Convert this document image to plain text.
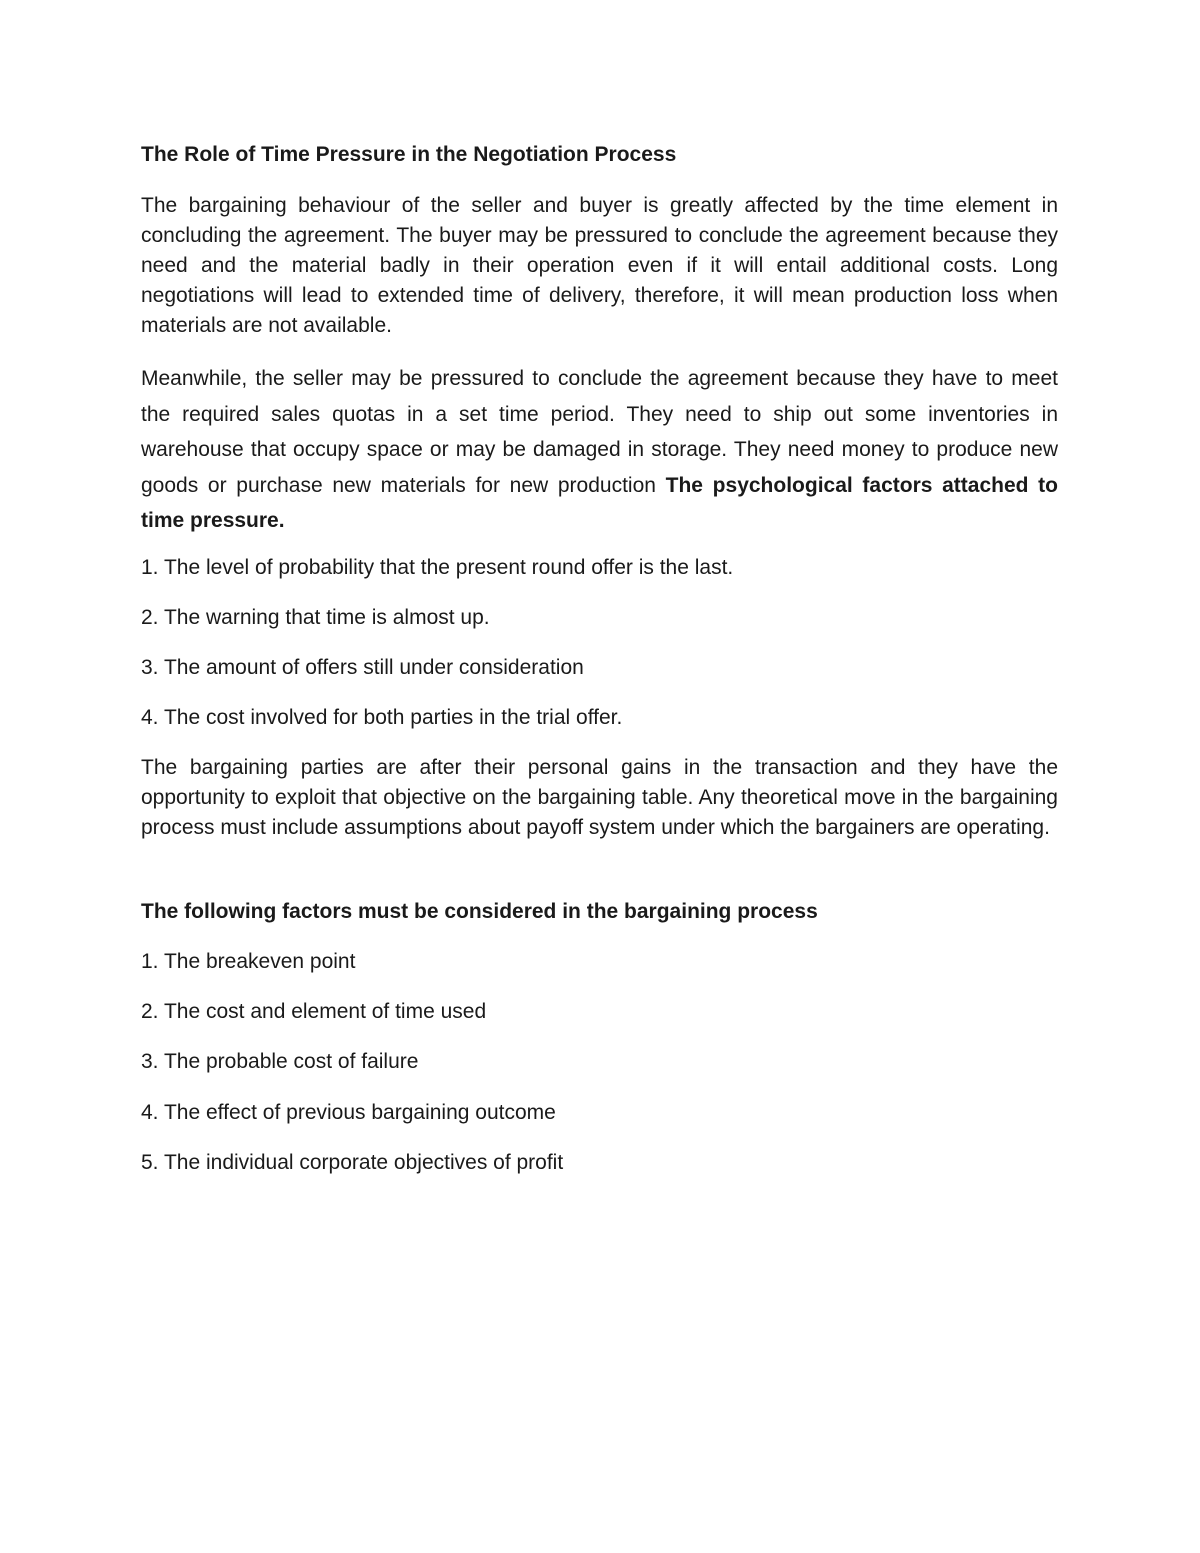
The Role of Time Pressure in the Negotiation Process

The bargaining behaviour of the seller and buyer is greatly affected by the time element in concluding the agreement. The buyer may be pressured to conclude the agreement because they need and the material badly in their operation even if it will entail additional costs. Long negotiations will lead to extended time of delivery, therefore, it will mean production loss when materials are not available.

Meanwhile, the seller may be pressured to conclude the agreement because they have to meet the required sales quotas in a set time period. They need to ship out some inventories in warehouse that occupy space or may be damaged in storage. They need money to produce new goods or purchase new materials for new production The psychological factors attached to time pressure.

1. The level of probability that the present round offer is the last.
2. The warning that time is almost up.
3. The amount of offers still under consideration
4. The cost involved for both parties in the trial offer.

The bargaining parties are after their personal gains in the transaction and they have the opportunity to exploit that objective on the bargaining table. Any theoretical move in the bargaining process must include assumptions about payoff system under which the bargainers are operating.

The following factors must be considered in the bargaining process
1. The breakeven point
2. The cost and element of time used
3. The probable cost of failure
4. The effect of previous bargaining outcome
5. The individual corporate objectives of profit
